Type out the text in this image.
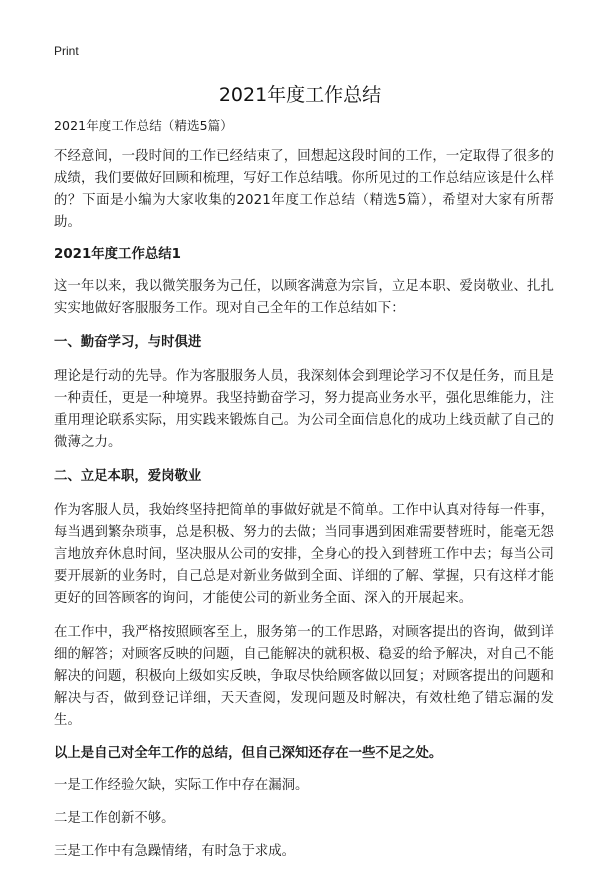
Print
2021年度工作总结

2021年度工作总结（精选5篇）

不经意间，一段时间的工作已经结束了，回想起这段时间的工作，一定取得了很多的成绩，我们要做好回顾和梳理，写好工作总结哦。你所见过的工作总结应该是什么样的？下面是小编为大家收集的2021年度工作总结（精选5篇），希望对大家有所帮助。

2021年度工作总结1

这一年以来，我以微笑服务为己任，以顾客满意为宗旨，立足本职、爱岗敬业、扎扎实实地做好客服服务工作。现对自己全年的工作总结如下：

一、勤奋学习，与时俱进

理论是行动的先导。作为客服服务人员，我深刻体会到理论学习不仅是任务，而且是一种责任，更是一种境界。我坚持勤奋学习，努力提高业务水平，强化思维能力，注重用理论联系实际，用实践来锻炼自己。为公司全面信息化的成功上线贡献了自己的微薄之力。

二、立足本职，爱岗敬业

作为客服人员，我始终坚持把简单的事做好就是不简单。工作中认真对待每一件事，每当遇到繁杂琐事，总是积极、努力的去做；当同事遇到困难需要替班时，能毫无怨言地放弃休息时间，坚决服从公司的安排，全身心的投入到替班工作中去；每当公司要开展新的业务时，自己总是对新业务做到全面、详细的了解、掌握，只有这样才能更好的回答顾客的询问，才能使公司的新业务全面、深入的开展起来。

在工作中，我严格按照顾客至上，服务第一的工作思路，对顾客提出的咨询，做到详细的解答；对顾客反映的问题，自己能解决的就积极、稳妥的给予解决，对自己不能解决的问题，积极向上级如实反映，争取尽快给顾客做以回复；对顾客提出的问题和解决与否，做到登记详细，天天查阅，发现问题及时解决，有效杜绝了错忘漏的发生。

以上是自己对全年工作的总结，但自己深知还存在一些不足之处。

一是工作经验欠缺，实际工作中存在漏洞。

二是工作创新不够。

三是工作中有急躁情绪，有时急于求成。
